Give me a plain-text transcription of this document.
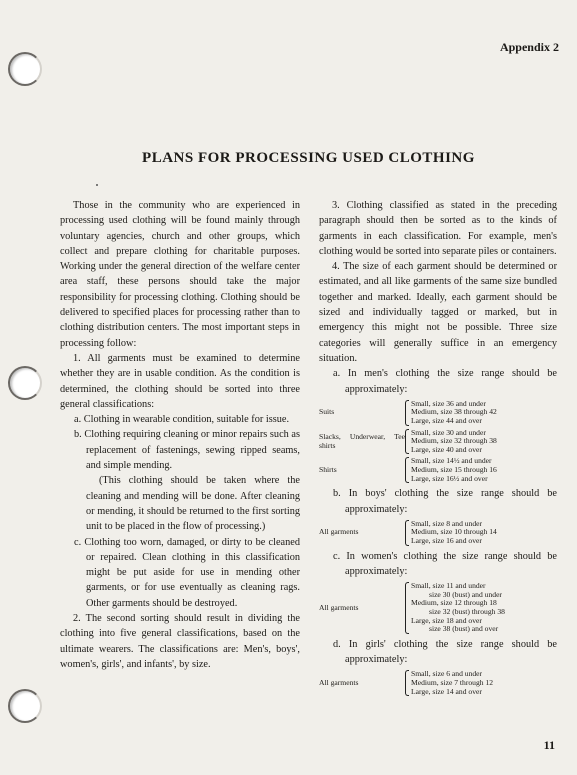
Appendix 2
PLANS FOR PROCESSING USED CLOTHING

Those in the community who are experienced in processing used clothing will be found mainly through voluntary agencies, church and other groups, which collect and prepare clothing for charitable purposes. Working under the general direction of the welfare center area staff, these persons should take the major responsibility for processing clothing. Clothing should be delivered to specified places for processing rather than to clothing distribution centers. The most important steps in processing follow:

1. All garments must be examined to determine whether they are in usable condition. As the condition is determined, the clothing should be sorted into three general classifications:

a. Clothing in wearable condition, suitable for issue.

b. Clothing requiring cleaning or minor repairs such as replacement of fastenings, sewing ripped seams, and simple mending.

(This clothing should be taken where the cleaning and mending will be done. After cleaning or mending, it should be returned to the first sorting unit to be placed in the flow of processing.)

c. Clothing too worn, damaged, or dirty to be cleaned or repaired. Clean clothing in this classification might be put aside for use in mending other garments, or for use eventually as cleaning rags. Other garments should be destroyed.

2. The second sorting should result in dividing the clothing into five general classifications, based on the ultimate wearers. The classifications are: Men's, boys', women's, girls', and infants', by size.

3. Clothing classified as stated in the preceding paragraph should then be sorted as to the kinds of garments in each classification. For example, men's clothing would be sorted into separate piles or containers.

4. The size of each garment should be determined or estimated, and all like garments of the same size bundled together and marked. Ideally, each garment should be sized and individually tagged or marked, but in emergency this might not be possible. Three size categories will generally suffice in an emergency situation.

a. In men's clothing the size range should be approximately:

Suits
Small, size 36 and under
Medium, size 38 through 42
Large, size 44 and over
Slacks, Underwear, Tee shirts
Small, size 30 and under
Medium, size 32 through 38
Large, size 40 and over
Shirts
Small, size 14½ and under
Medium, size 15 through 16
Large, size 16½ and over

b. In boys' clothing the size range should be approximately:

All garments
Small, size 8 and under
Medium, size 10 through 14
Large, size 16 and over

c. In women's clothing the size range should be approximately:

All garments
Small, size 11 and under
size 30 (bust) and under
Medium, size 12 through 18
size 32 (bust) through 38
Large, size 18 and over
size 38 (bust) and over

d. In girls' clothing the size range should be approximately:

All garments
Small, size 6 and under
Medium, size 7 through 12
Large, size 14 and over
11
